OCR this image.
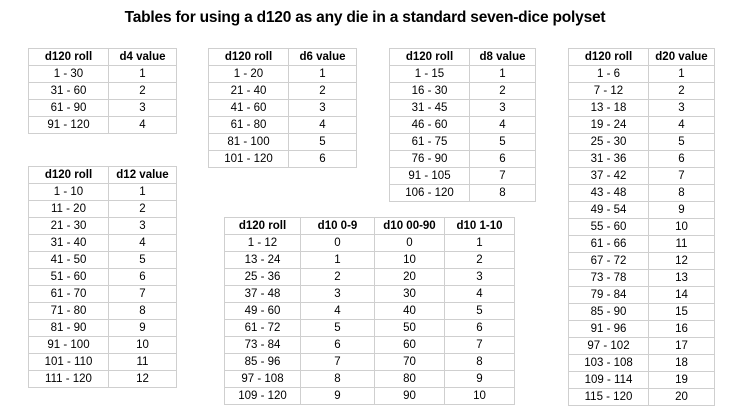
Tables for using a d120 as any die in a standard seven-dice polyset
d120 roll	d4 value
1 - 30	1
31 - 60	2
61 - 90	3
91 - 120	4
d120 roll	d6 value
1 - 20	1
21 - 40	2
41 - 60	3
61 - 80	4
81 - 100	5
101 - 120	6
d120 roll	d8 value
1 - 15	1
16 - 30	2
31 - 45	3
46 - 60	4
61 - 75	5
76 - 90	6
91 - 105	7
106 - 120	8
d120 roll	d20 value
1 - 6	1
7 - 12	2
13 - 18	3
19 - 24	4
25 - 30	5
31 - 36	6
37 - 42	7
43 - 48	8
49 - 54	9
55 - 60	10
61 - 66	11
67 - 72	12
73 - 78	13
79 - 84	14
85 - 90	15
91 - 96	16
97 - 102	17
103 - 108	18
109 - 114	19
115 - 120	20
d120 roll	d12 value
1 - 10	1
11 - 20	2
21 - 30	3
31 - 40	4
41 - 50	5
51 - 60	6
61 - 70	7
71 - 80	8
81 - 90	9
91 - 100	10
101 - 110	11
111 - 120	12
d120 roll	d10 0-9	d10 00-90	d10 1-10
1 - 12	0	0	1
13 - 24	1	10	2
25 - 36	2	20	3
37 - 48	3	30	4
49 - 60	4	40	5
61 - 72	5	50	6
73 - 84	6	60	7
85 - 96	7	70	8
97 - 108	8	80	9
109 - 120	9	90	10
